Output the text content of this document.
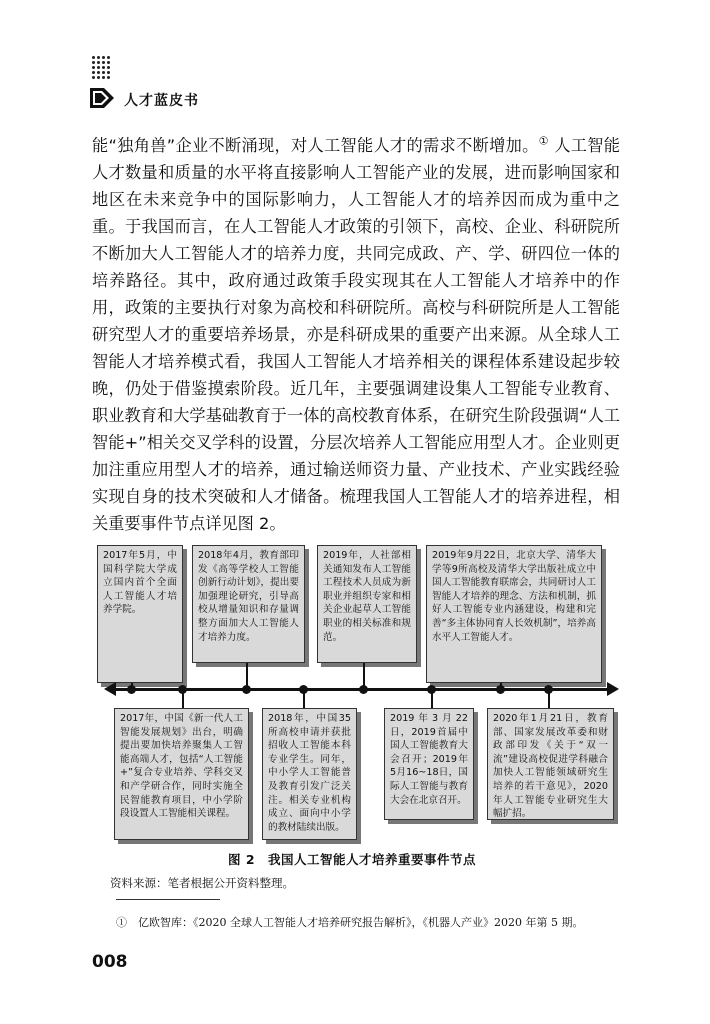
人才蓝皮书
能“独角兽”企业不断涌现，对人工智能人才的需求不断增加。① 人工智能人才数量和质量的水平将直接影响人工智能产业的发展，进而影响国家和地区在未来竞争中的国际影响力，人工智能人才的培养因而成为重中之重。于我国而言，在人工智能人才政策的引领下，高校、企业、科研院所不断加大人工智能人才的培养力度，共同完成政、产、学、研四位一体的培养路径。其中，政府通过政策手段实现其在人工智能人才培养中的作用，政策的主要执行对象为高校和科研院所。高校与科研院所是人工智能研究型人才的重要培养场景，亦是科研成果的重要产出来源。从全球人工智能人才培养模式看，我国人工智能人才培养相关的课程体系建设起步较晚，仍处于借鉴摸索阶段。近几年，主要强调建设集人工智能专业教育、职业教育和大学基础教育于一体的高校教育体系，在研究生阶段强调“人工智能+”相关交叉学科的设置，分层次培养人工智能应用型人才。企业则更加注重应用型人才的培养，通过输送师资力量、产业技术、产业实践经验实现自身的技术突破和人才储备。梳理我国人工智能人才的培养进程，相关重要事件节点详见图 2。
2017年5月，中国科学院大学成立国内首个全面人工智能人才培养学院。
2018年4月，教育部印发《高等学校人工智能创新行动计划》，提出要加强理论研究，引导高校从增量知识和存量调整方面加大人工智能人才培养力度。
2019年，人社部相关通知发布人工智能工程技术人员成为新职业并组织专家和相关企业起草人工智能职业的相关标准和规范。
2019年9月22日，北京大学、清华大学等9所高校及清华大学出版社成立中国人工智能教育联席会，共同研讨人工智能人才培养的理念、方法和机制，抓好人工智能专业内涵建设，构建和完善“多主体协同育人长效机制”，培养高水平人工智能人才。
2017年，中国《新一代人工智能发展规划》出台，明确提出要加快培养聚集人工智能高端人才，包括“人工智能+”复合专业培养、学科交叉和产学研合作，同时实施全民智能教育项目，中小学阶段设置人工智能相关课程。
2018年，中国35所高校申请并获批招收人工智能本科专业学生。同年，中小学人工智能普及教育引发广泛关注。相关专业机构成立、面向中小学的教材陆续出版。
2019年3月22日，2019首届中国人工智能教育大会召开；2019年5月16~18日，国际人工智能与教育大会在北京召开。
2020年1月21日，教育部、国家发展改革委和财政部印发《关于“双一流”建设高校促进学科融合 加快人工智能领域研究生培养的若干意见》，2020年人工智能专业研究生大幅扩招。
图 2　我国人工智能人才培养重要事件节点
资料来源：笔者根据公开资料整理。
①　 亿欧智库：《2020 全球人工智能人才培养研究报告解析》，《机器人产业》2020 年第 5 期。
008
